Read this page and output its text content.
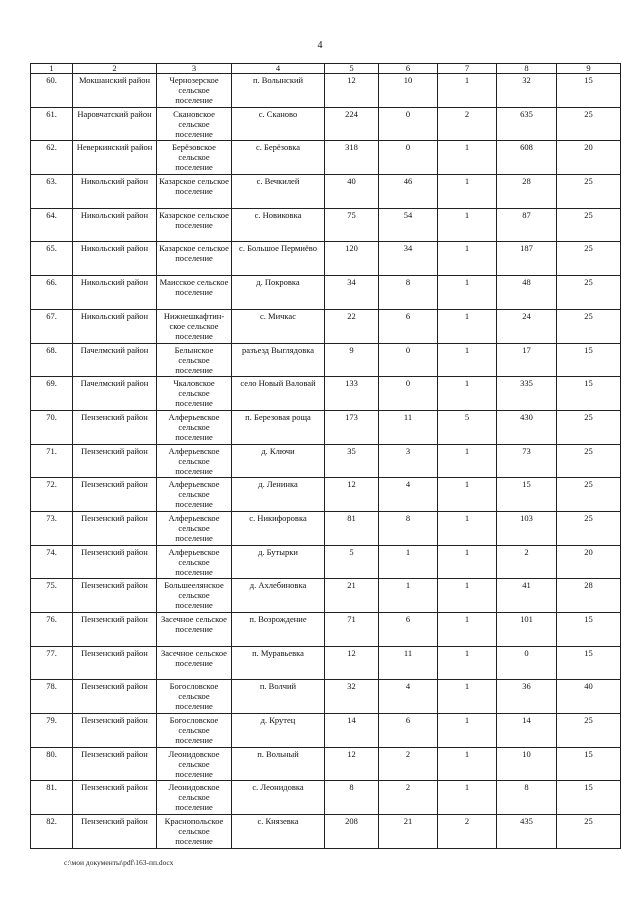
4
1	2	3	4	5	6	7	8	9
60.	Мокшанский район	Чернозерское сельское поселение	п. Волынский	12	10	1	32	15
61.	Наровчатский район	Скановское сельское поселение	с. Сканово	224	0	2	635	25
62.	Неверкинский район	Берёзовское сельское поселение	с. Берёзовка	318	0	1	608	20
63.	Никольский район	Казарское сельское поселение	с. Вечкилей	40	46	1	28	25
64.	Никольский район	Казарское сельское поселение	с. Новиковка	75	54	1	87	25
65.	Никольский район	Казарское сельское поселение	с. Большое Пермиёво	120	34	1	187	25
66.	Никольский район	Маисское сельское поселение	д. Покровка	34	8	1	48	25
67.	Никольский район	Нижнешкафтин-ское сельское поселение	с. Мичкас	22	6	1	24	25
68.	Пачелмский район	Белынское сельское поселение	разъезд Выглядовка	9	0	1	17	15
69.	Пачелмский район	Чкаловское сельское поселение	село Новый Валовай	133	0	1	335	15
70.	Пензенский район	Алферьевское сельское поселение	п. Березовая роща	173	11	5	430	25
71.	Пензенский район	Алферьевское сельское поселение	д. Ключи	35	3	1	73	25
72.	Пензенский район	Алферьевское сельское поселение	д. Ленинка	12	4	1	15	25
73.	Пензенский район	Алферьевское сельское поселение	с. Никифоровка	81	8	1	103	25
74.	Пензенский район	Алферьевское сельское поселение	д. Бутырки	5	1	1	2	20
75.	Пензенский район	Большеелянское сельское поселение	д. Ахлебиновка	21	1	1	41	28
76.	Пензенский район	Засечное сельское поселение	п. Возрождение	71	6	1	101	15
77.	Пензенский район	Засечное сельское поселение	п. Муравьевка	12	11	1	0	15
78.	Пензенский район	Богословское сельское поселение	п. Волчий	32	4	1	36	40
79.	Пензенский район	Богословское сельское поселение	д. Крутец	14	6	1	14	25
80.	Пензенский район	Леонидовское сельское поселение	п. Вольный	12	2	1	10	15
81.	Пензенский район	Леонидовское сельское поселение	с. Леонидовка	8	2	1	8	15
82.	Пензенский район	Краснопольское сельское поселение	с. Князевка	208	21	2	435	25
c:\мои документы\pdf\163-пп.docx
